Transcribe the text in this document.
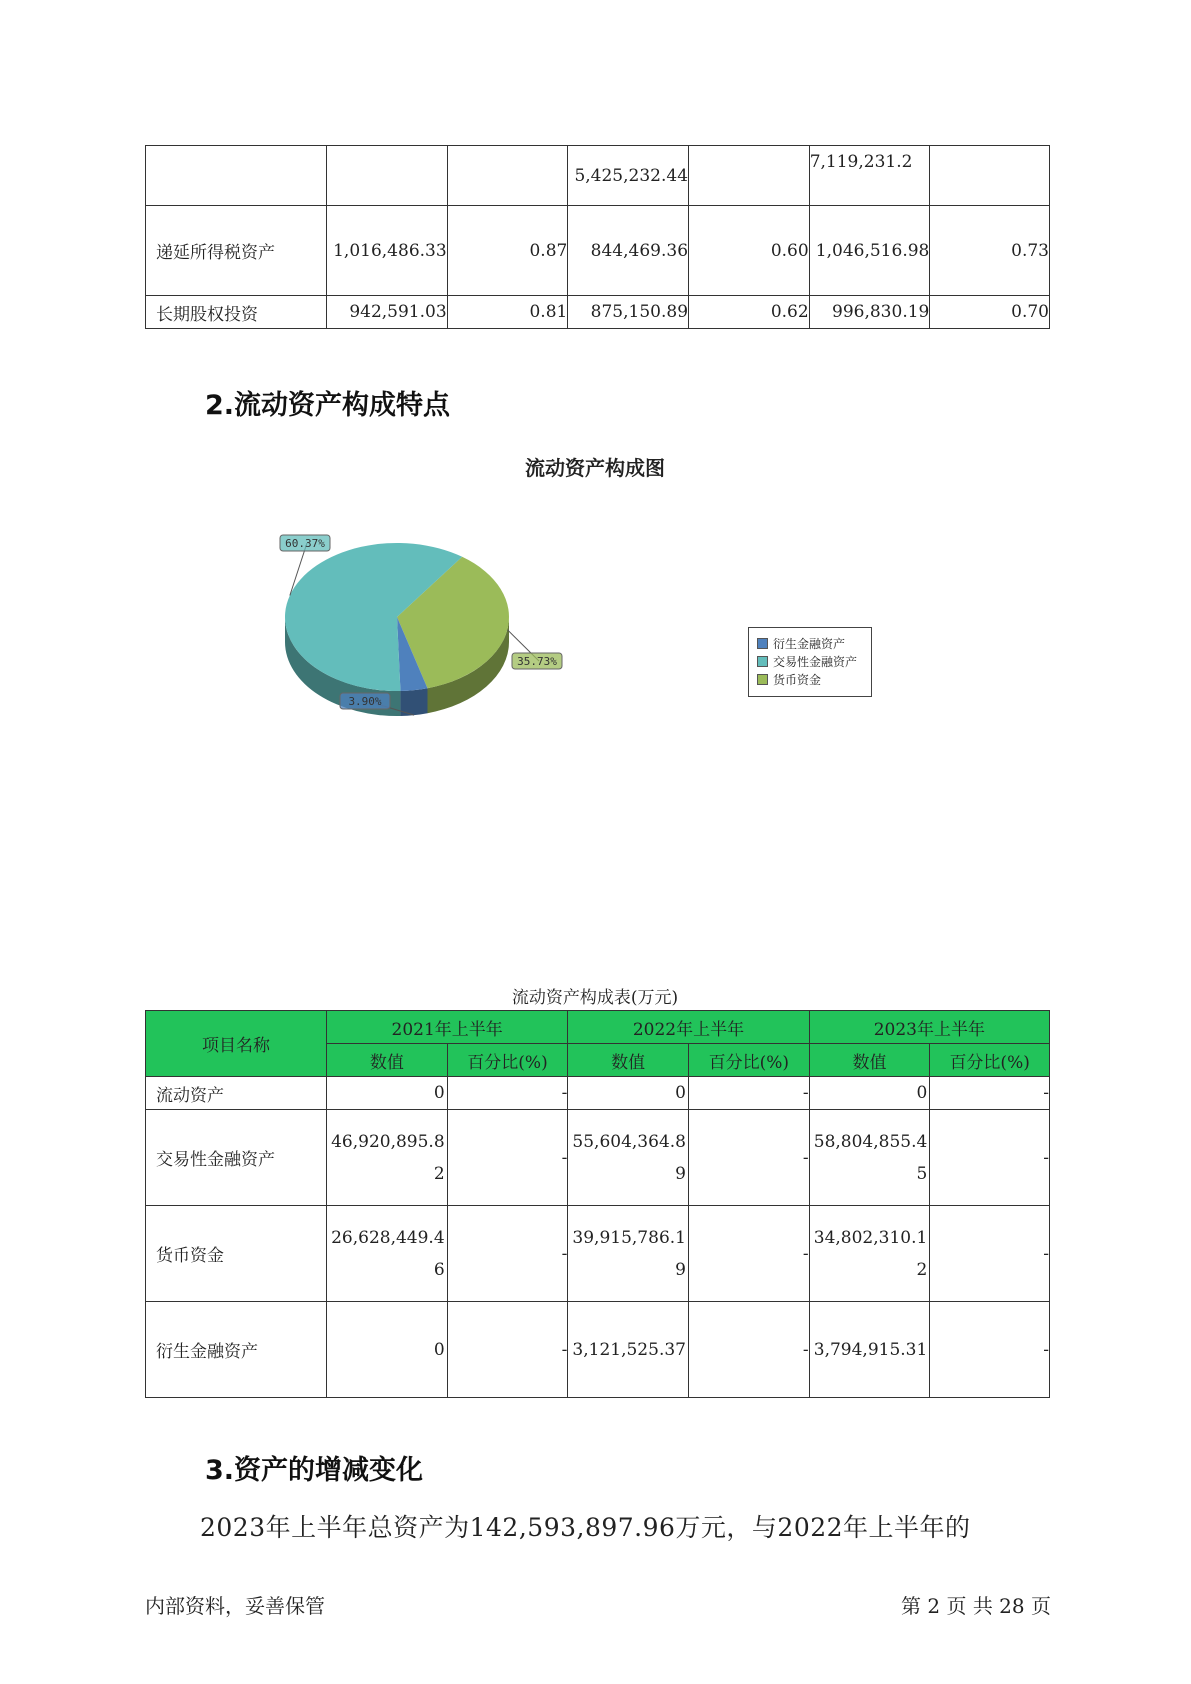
			5,425,232.44		7,119,231.2	
递延所得税资产	1,016,486.33	0.87	844,469.36	0.60	1,046,516.98	0.73
长期股权投资	942,591.03	0.81	875,150.89	0.62	996,830.19	0.70
2.流动资产构成特点
流动资产构成图
35.73%
3.90%
60.37%
衍生金融资产
交易性金融资产
货币资金
流动资产构成表(万元)
项目名称	2021年上半年		2022年上半年		2023年上半年	
	数值	百分比(%)	数值	百分比(%)	数值	百分比(%)
流动资产	0	-	0	-	0	-
交易性金融资产	46,920,895.82	-	55,604,364.89	-	58,804,855.45	-
货币资金	26,628,449.46	-	39,915,786.19	-	34,802,310.12	-
衍生金融资产	0	-	3,121,525.37	-	3,794,915.31	-
3.资产的增减变化
2023年上半年总资产为142,593,897.96万元，与2022年上半年的
内部资料，妥善保管	第 2 页 共 28 页
